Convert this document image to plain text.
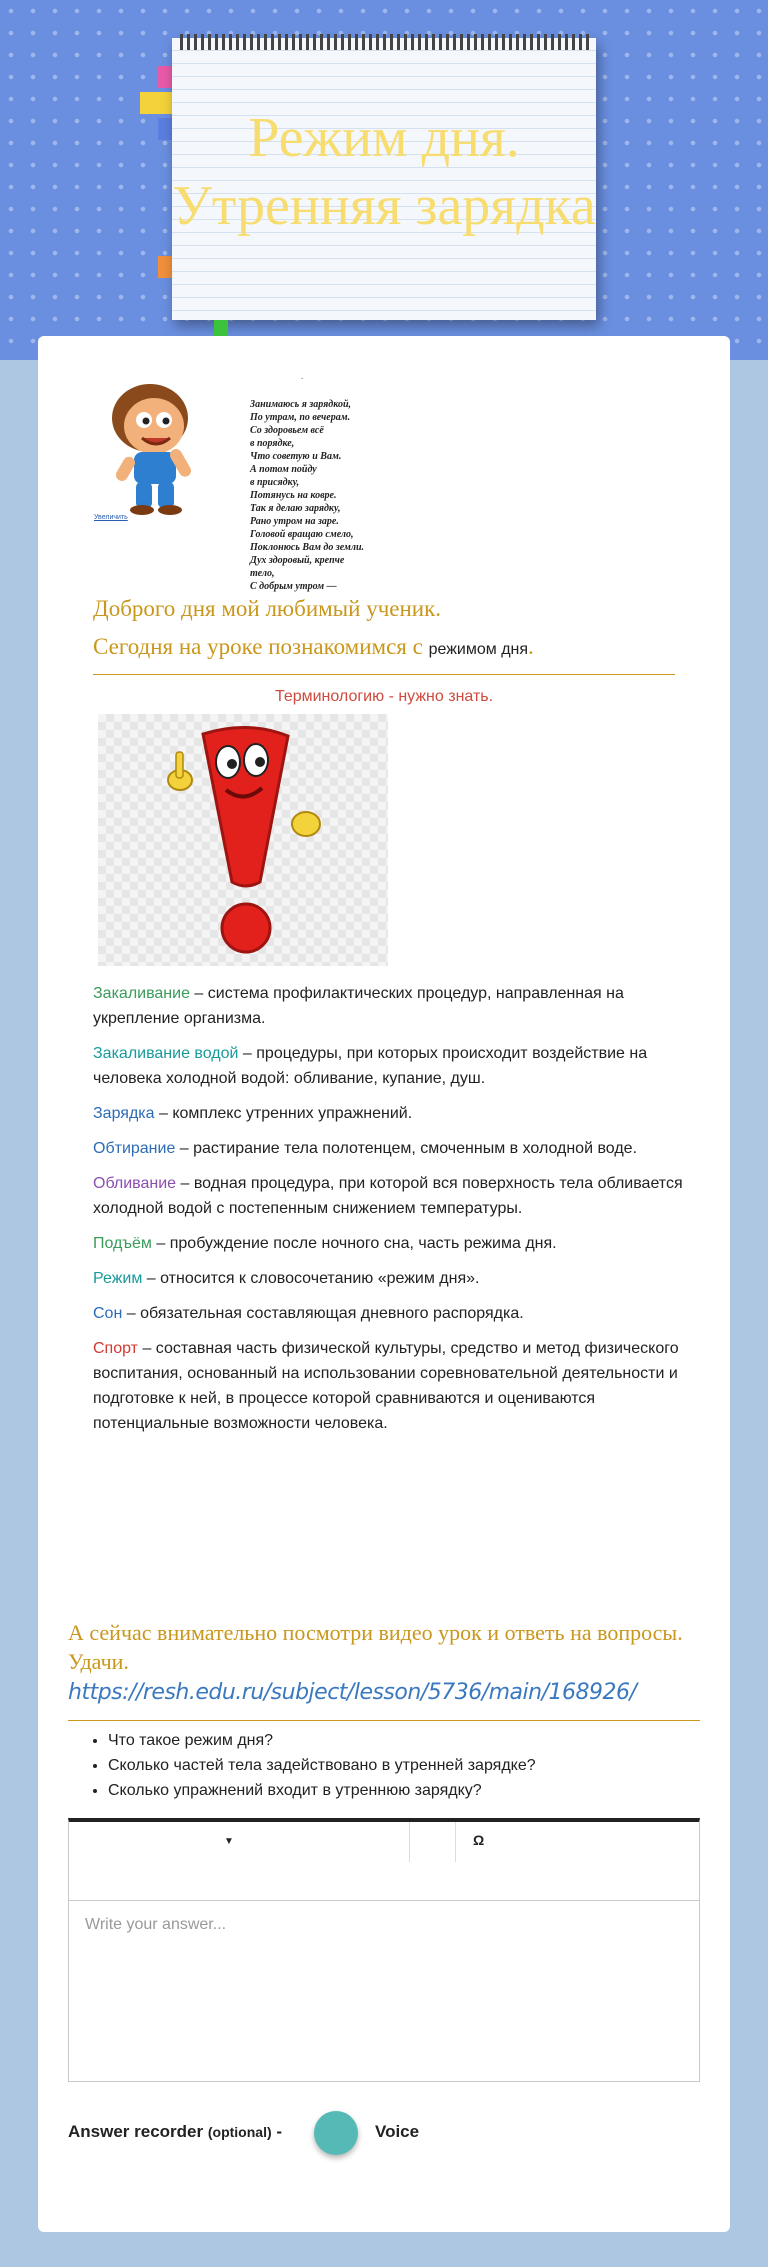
Режим дня.
Утренняя зарядка
Увеличить
.
Занимаюсь я зарядкой,
По утрам, по вечерам.
Со здоровьем всё
в порядке,
Что советую и Вам.
А потом пойду
в присядку,
Потянусь на ковре.
Так я делаю зарядку,
Рано утром на заре.
Головой вращаю смело,
Поклонюсь Вам до земли.
Дух здоровый, крепче
тело,
С добрым утром —
Доброго дня мой любимый ученик.
Сегодня на уроке познакомимся с режимом дня.
Терминологию - нужно знать.

Закаливание – система профилактических процедур, направленная на укрепление организма.

Закаливание водой – процедуры, при которых происходит воздействие на человека холодной водой: обливание, купание, душ.

Зарядка – комплекс утренних упражнений.

Обтирание – растирание тела полотенцем, смоченным в холодной воде.

Обливание – водная процедура, при которой вся поверхность тела обливается холодной водой с постепенным снижением температуры.

Подъём – пробуждение после ночного сна, часть режима дня.

Режим – относится к словосочетанию «режим дня».

Сон – обязательная составляющая дневного распорядка.

Спорт – составная часть физической культуры, средство и метод физического воспитания, основанный на использовании соревновательной деятельности и подготовке к ней, в процессе которой сравниваются и оцениваются потенциальные возможности человека.

А сейчас внимательно посмотри видео урок и ответь на вопросы. Удачи.

https://resh.edu.ru/subject/lesson/5736/main/168926/
• Что такое режим дня?
• Сколько частей тела задействовано в утренней зарядке?
• Сколько упражнений входит в утреннюю зарядку?
▼	Ω
Write your answer...
Answer recorder (optional) -	Voice
